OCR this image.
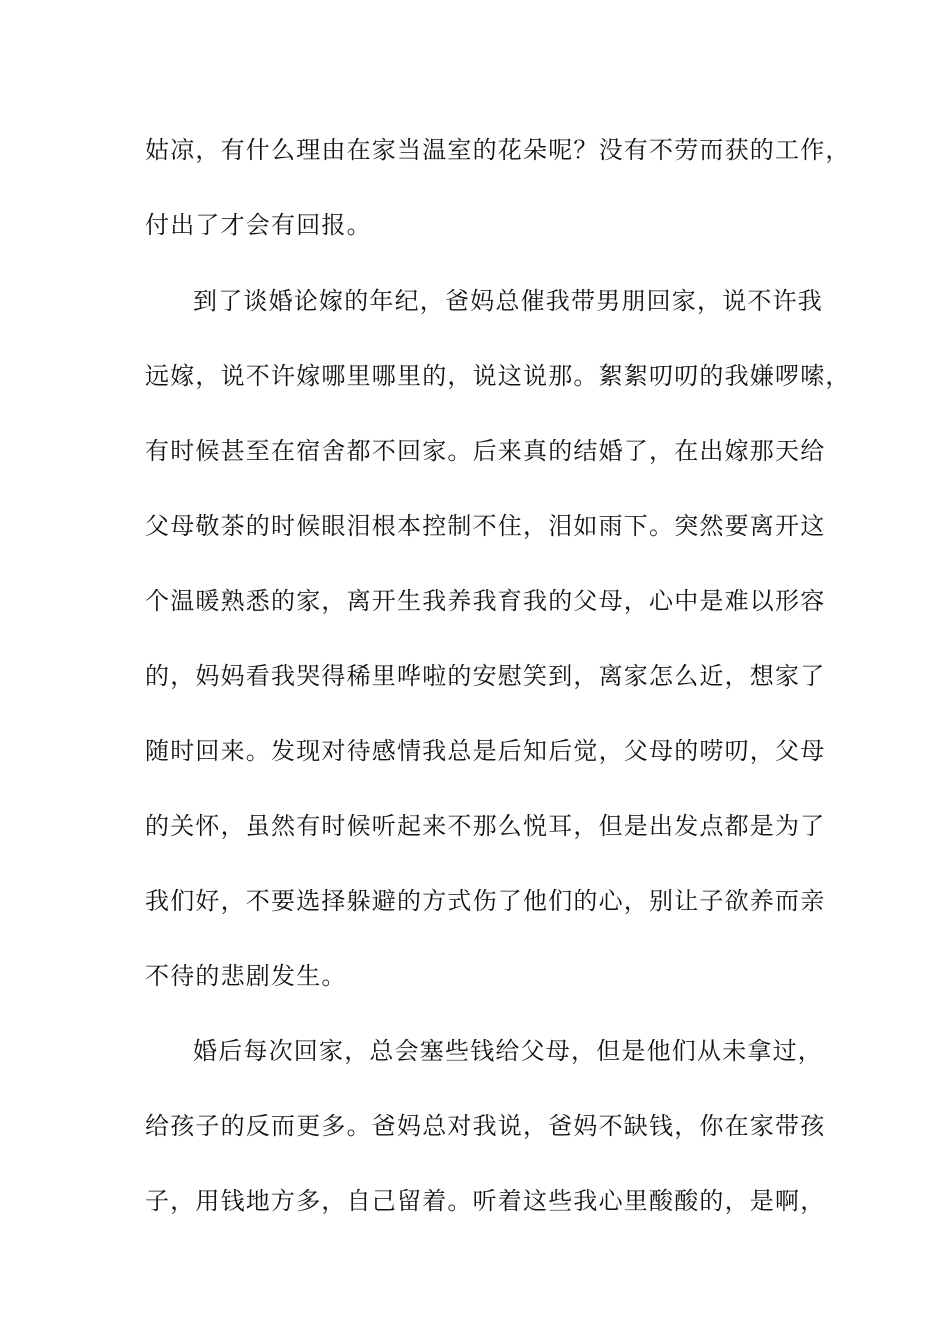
姑凉，有什么理由在家当温室的花朵呢？没有不劳而获的工作，
付出了才会有回报。
到了谈婚论嫁的年纪，爸妈总催我带男朋回家，说不许我
远嫁，说不许嫁哪里哪里的，说这说那。絮絮叨叨的我嫌啰嗦，
有时候甚至在宿舍都不回家。后来真的结婚了，在出嫁那天给
父母敬茶的时候眼泪根本控制不住，泪如雨下。突然要离开这
个温暖熟悉的家，离开生我养我育我的父母，心中是难以形容
的，妈妈看我哭得稀里哗啦的安慰笑到，离家怎么近，想家了
随时回来。发现对待感情我总是后知后觉，父母的唠叨，父母
的关怀，虽然有时候听起来不那么悦耳，但是出发点都是为了
我们好，不要选择躲避的方式伤了他们的心，别让子欲养而亲
不待的悲剧发生。
婚后每次回家，总会塞些钱给父母，但是他们从未拿过，
给孩子的反而更多。爸妈总对我说，爸妈不缺钱，你在家带孩
子，用钱地方多，自己留着。听着这些我心里酸酸的，是啊，
